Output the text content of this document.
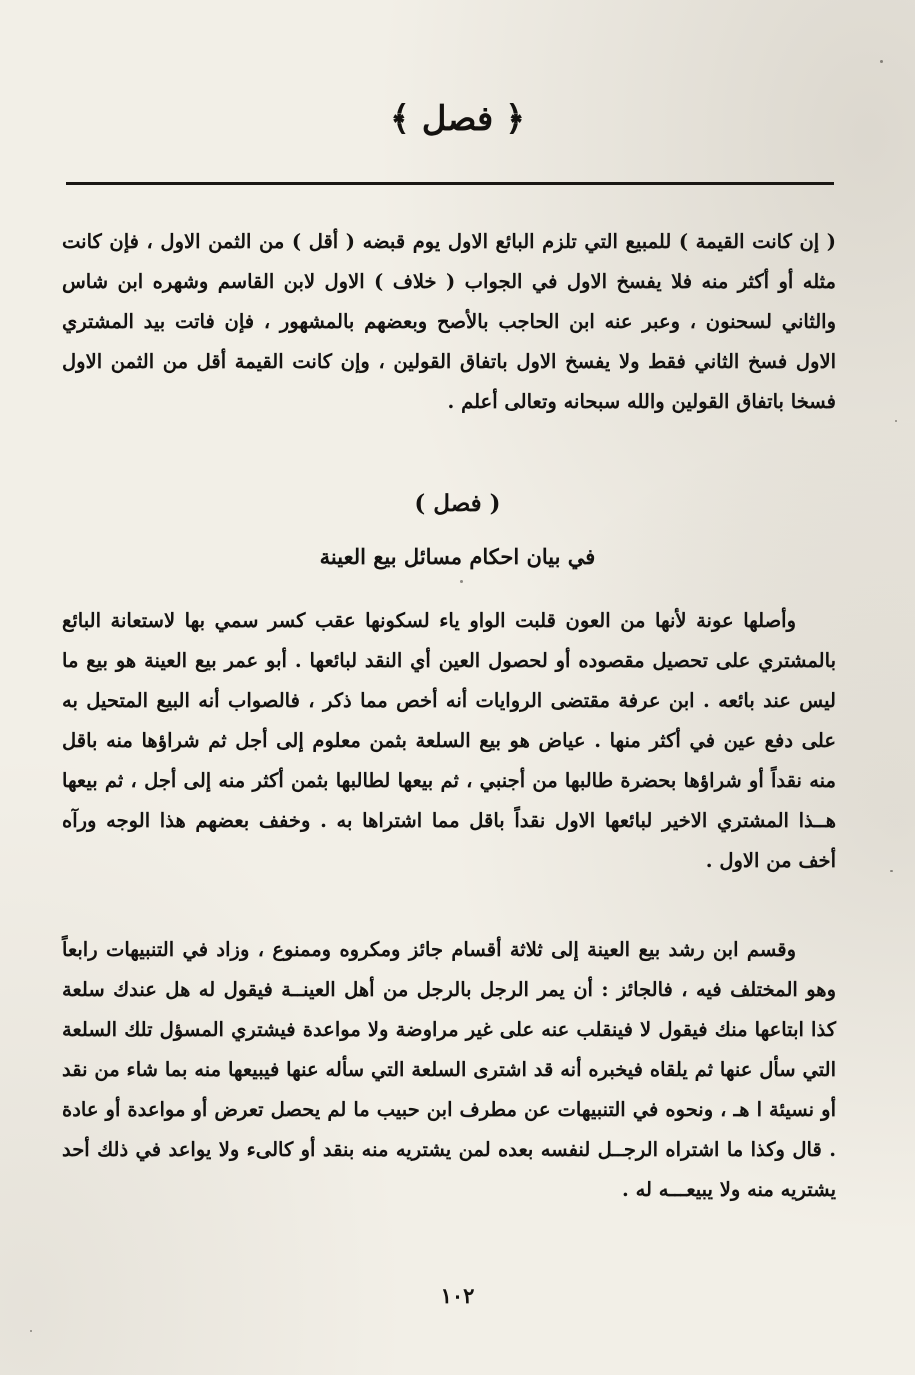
﴿ فصل ﴾

( إن كانت القيمة ) للمبيع التي تلزم البائع الاول يوم قبضه ( أقل ) من الثمن الاول ، فإن كانت مثله أو أكثر منه فلا يفسخ الاول في الجواب ( خلاف ) الاول لابن القاسم وشهره ابن شاس والثاني لسحنون ، وعبر عنه ابن الحاجب بالأصح وبعضهم بالمشهور ، فإن فاتت بيد المشتري الاول فسخ الثاني فقط ولا يفسخ الاول باتفاق القولين ، وإن كانت القيمة أقل من الثمن الاول فسخا باتفاق القولين والله سبحانه وتعالى أعلم .

( فصل )
في بيان احكام مسائل بيع العينة

وأصلها عونة لأنها من العون قلبت الواو ياء لسكونها عقب كسر سمي بها لاستعانة البائع بالمشتري على تحصيل مقصوده أو لحصول العين أي النقد لبائعها . أبو عمر بيع العينة هو بيع ما ليس عند بائعه . ابن عرفة مقتضى الروايات أنه أخص مما ذكر ، فالصواب أنه البيع المتحيل به على دفع عين في أكثر منها . عياض هو بيع السلعة بثمن معلوم إلى أجل ثم شراؤها منه باقل منه نقداً أو شراؤها بحضرة طالبها من أجنبي ، ثم بيعها لطالبها بثمن أكثر منه إلى أجل ، ثم بيعها هــذا المشتري الاخير لبائعها الاول نقداً باقل مما اشتراها به . وخفف بعضهم هذا الوجه ورآه أخف من الاول .

وقسم ابن رشد بيع العينة إلى ثلاثة أقسام جائز ومكروه وممنوع ، وزاد في التنبيهات رابعاً وهو المختلف فيه ، فالجائز : أن يمر الرجل بالرجل من أهل العينــة فيقول له هل عندك سلعة كذا ابتاعها منك فيقول لا فينقلب عنه على غير مراوضة ولا مواعدة فيشتري المسؤل تلك السلعة التي سأل عنها ثم يلقاه فيخبره أنه قد اشترى السلعة التي سأله عنها فيبيعها منه بما شاء من نقد أو نسيئة ا هـ ، ونحوه في التنبيهات عن مطرف ابن حبيب ما لم يحصل تعرض أو مواعدة أو عادة . قال وكذا ما اشتراه الرجــل لنفسه بعده لمن يشتريه منه بنقد أو كالىء ولا يواعد في ذلك أحد يشتريه منه ولا يبيعـــه له .

١٠٢
